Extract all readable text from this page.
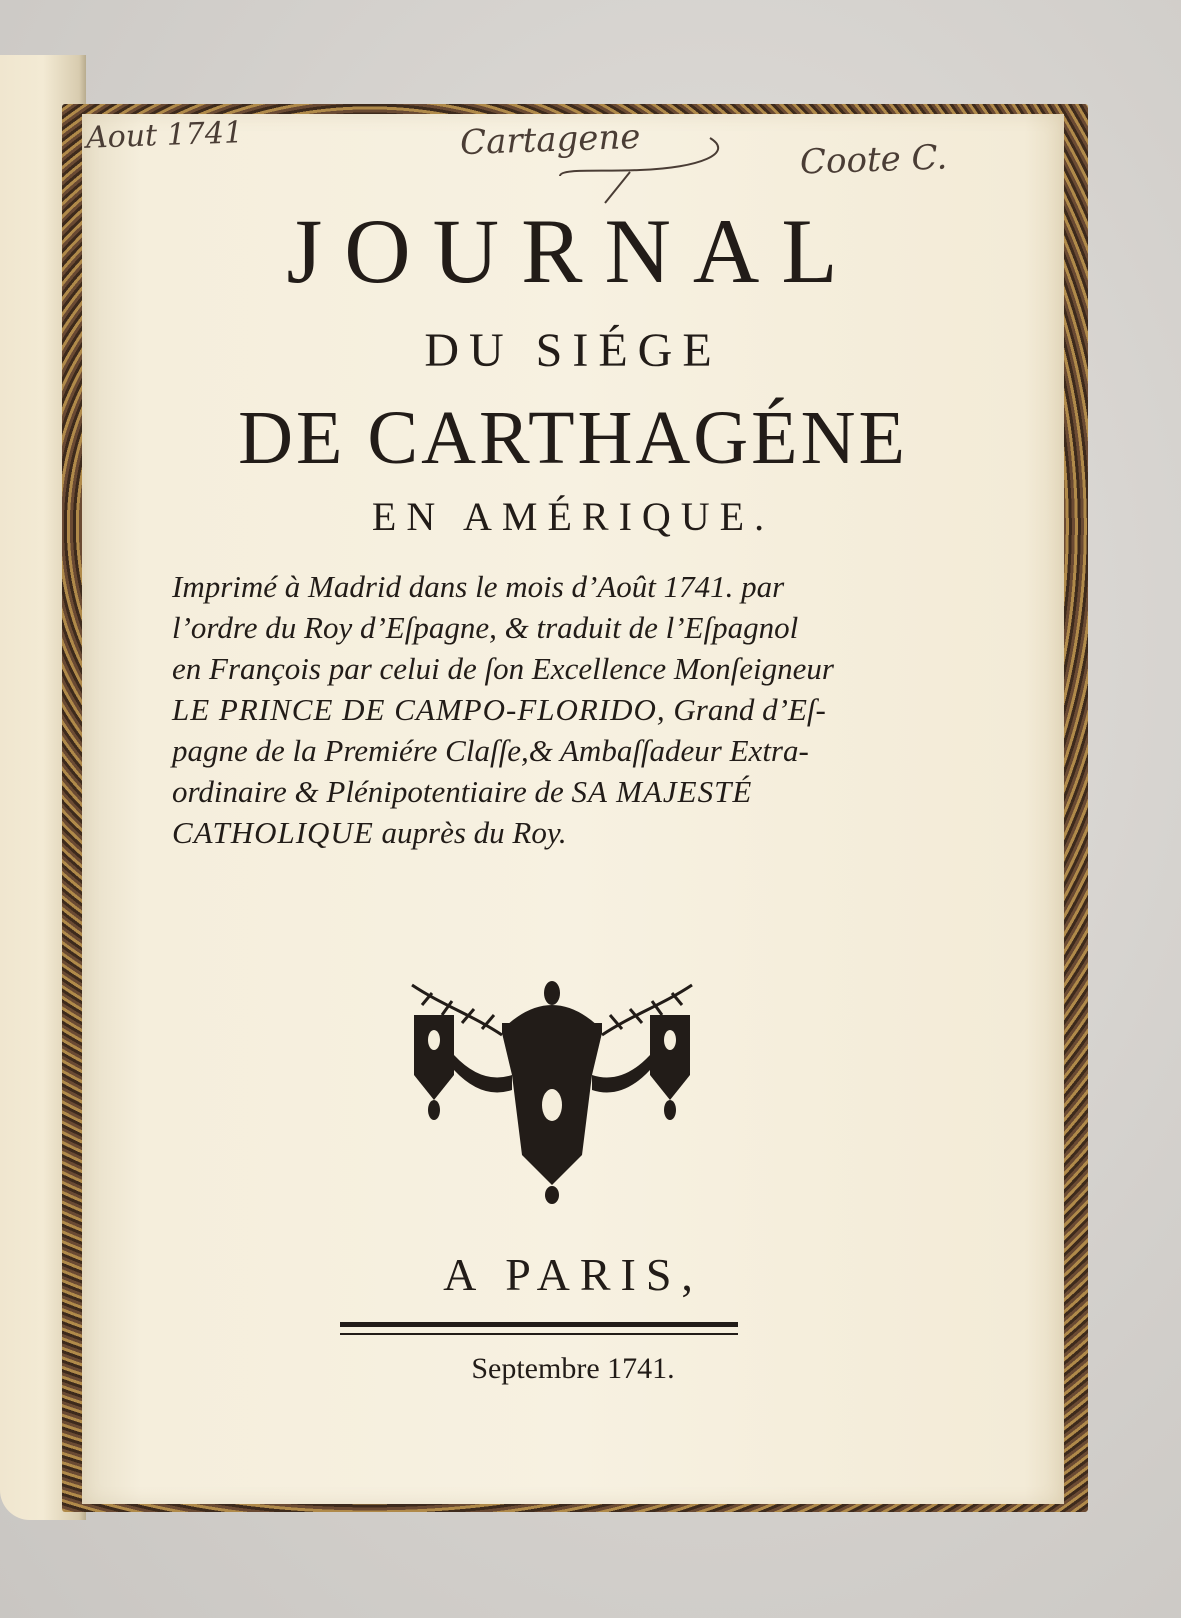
Aout 1741	Cartagene	Coote C.
JOURNAL
DU SIÉGE
DE CARTHAGÉNE
EN AMÉRIQUE.
Imprimé à Madrid dans le mois d’Août 1741. par
l’ordre du Roy d’Eſpagne, & traduit de l’Eſpagnol
en François par celui de ſon Excellence Monſeigneur
LE PRINCE DE CAMPO-FLORIDO, Grand d’Eſ-
pagne de la Premiére Claſſe,& Ambaſſadeur Extra-
ordinaire & Plénipotentiaire de SA MAJESTÉ
CATHOLIQUE auprès du Roy.
A PARIS,
Septembre 1741.
